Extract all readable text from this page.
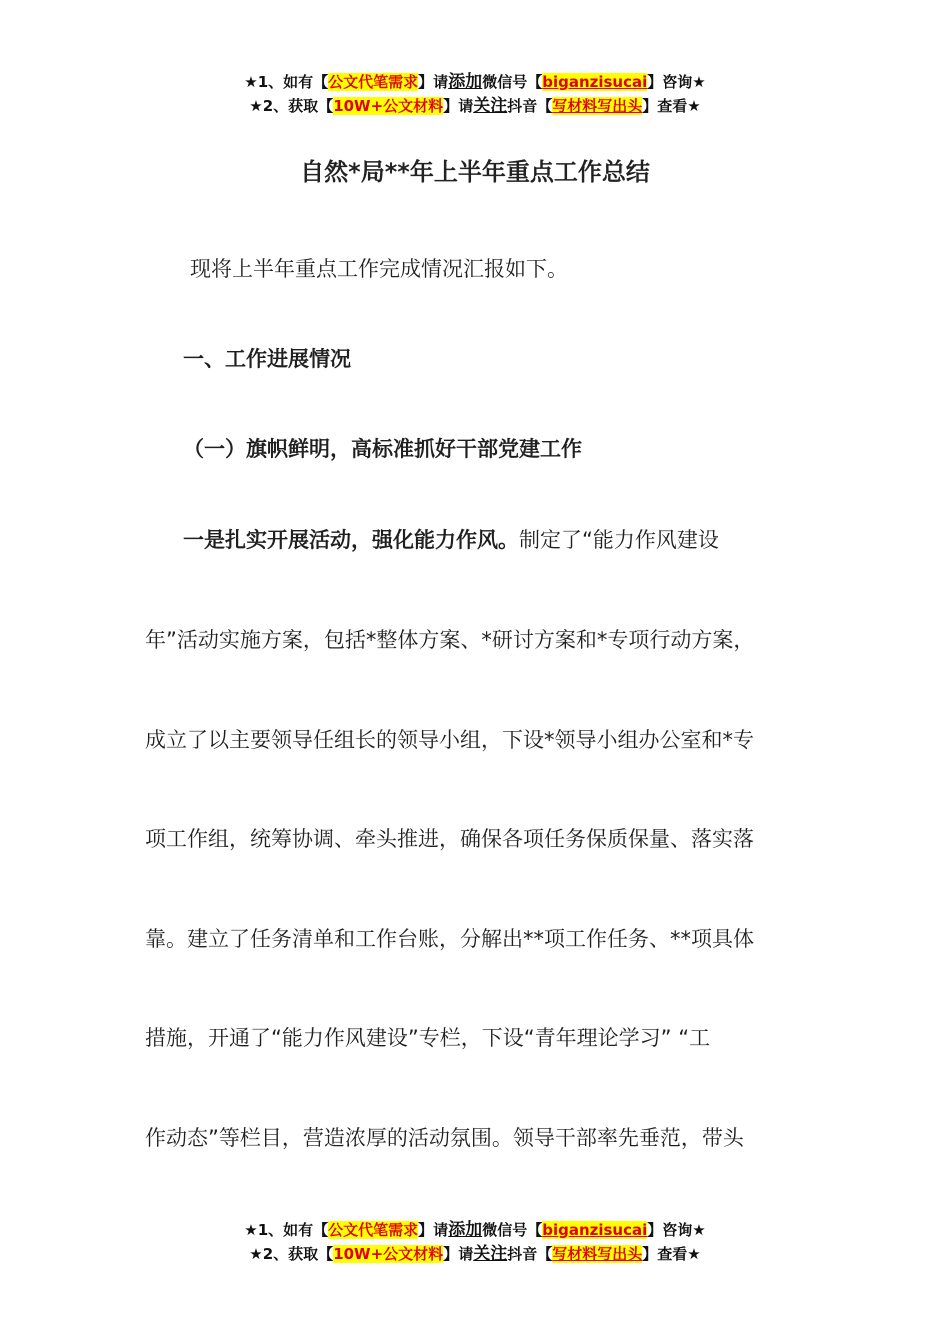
★1、如有【公文代笔需求】请添加微信号【biganzisucai】咨询★
★2、获取【10W+公文材料】请关注抖音【写材料写出头】查看★
自然*局**年上半年重点工作总结
现将上半年重点工作完成情况汇报如下。
一、工作进展情况
（一）旗帜鲜明，高标准抓好干部党建工作
一是扎实开展活动，强化能力作风。制定了“能力作风建设
年”活动实施方案，包括*整体方案、*研讨方案和*专项行动方案，
成立了以主要领导任组长的领导小组，下设*领导小组办公室和*专
项工作组，统筹协调、牵头推进，确保各项任务保质保量、落实落
靠。建立了任务清单和工作台账，分解出**项工作任务、**项具体
措施，开通了“能力作风建设”专栏，下设“青年理论学习” “工
作动态”等栏目，营造浓厚的活动氛围。领导干部率先垂范，带头
★1、如有【公文代笔需求】请添加微信号【biganzisucai】咨询★
★2、获取【10W+公文材料】请关注抖音【写材料写出头】查看★
